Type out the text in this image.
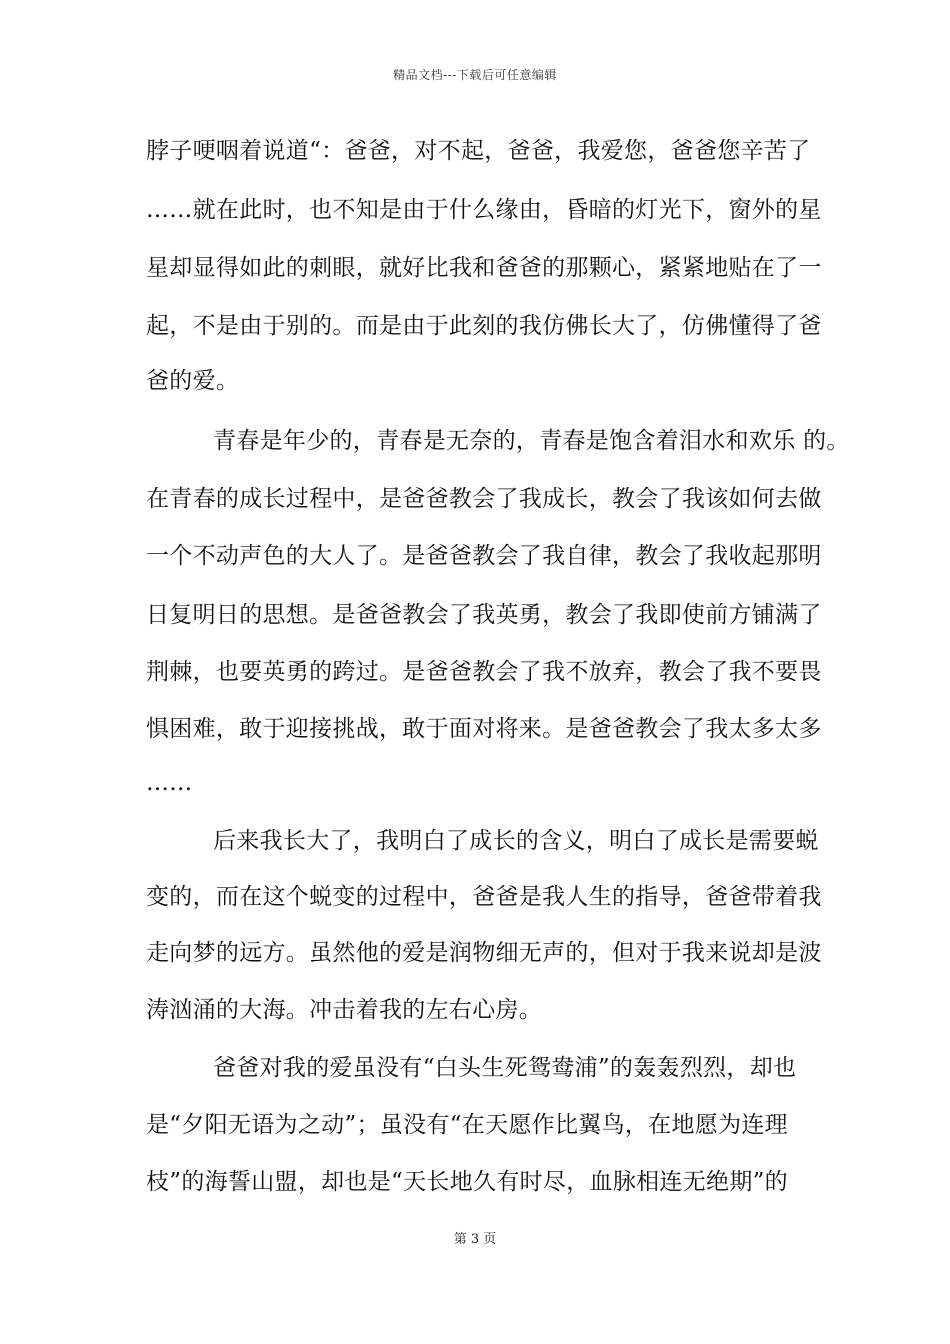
精品文档---下载后可任意编辑
脖子哽咽着说道“：爸爸，对不起，爸爸，我爱您，爸爸您辛苦了
……就在此时，也不知是由于什么缘由，昏暗的灯光下，窗外的星
星却显得如此的刺眼，就好比我和爸爸的那颗心，紧紧地贴在了一
起，不是由于别的。而是由于此刻的我仿佛长大了，仿佛懂得了爸
爸的爱。
青春是年少的，青春是无奈的，青春是饱含着泪水和欢乐 的。
在青春的成长过程中，是爸爸教会了我成长，教会了我该如何去做
一个不动声色的大人了。是爸爸教会了我自律，教会了我收起那明
日复明日的思想。是爸爸教会了我英勇，教会了我即使前方铺满了
荆棘，也要英勇的跨过。是爸爸教会了我不放弃，教会了我不要畏
惧困难，敢于迎接挑战，敢于面对将来。是爸爸教会了我太多太多
……
后来我长大了，我明白了成长的含义，明白了成长是需要蜕
变的，而在这个蜕变的过程中，爸爸是我人生的指导，爸爸带着我
走向梦的远方。虽然他的爱是润物细无声的，但对于我来说却是波
涛汹涌的大海。冲击着我的左右心房。
爸爸对我的爱虽没有“白头生死鸳鸯浦”的轰轰烈烈，却也
是“夕阳无语为之动”；虽没有“在天愿作比翼鸟，在地愿为连理
枝”的海誓山盟，却也是“天长地久有时尽，血脉相连无绝期”的
第 3 页
